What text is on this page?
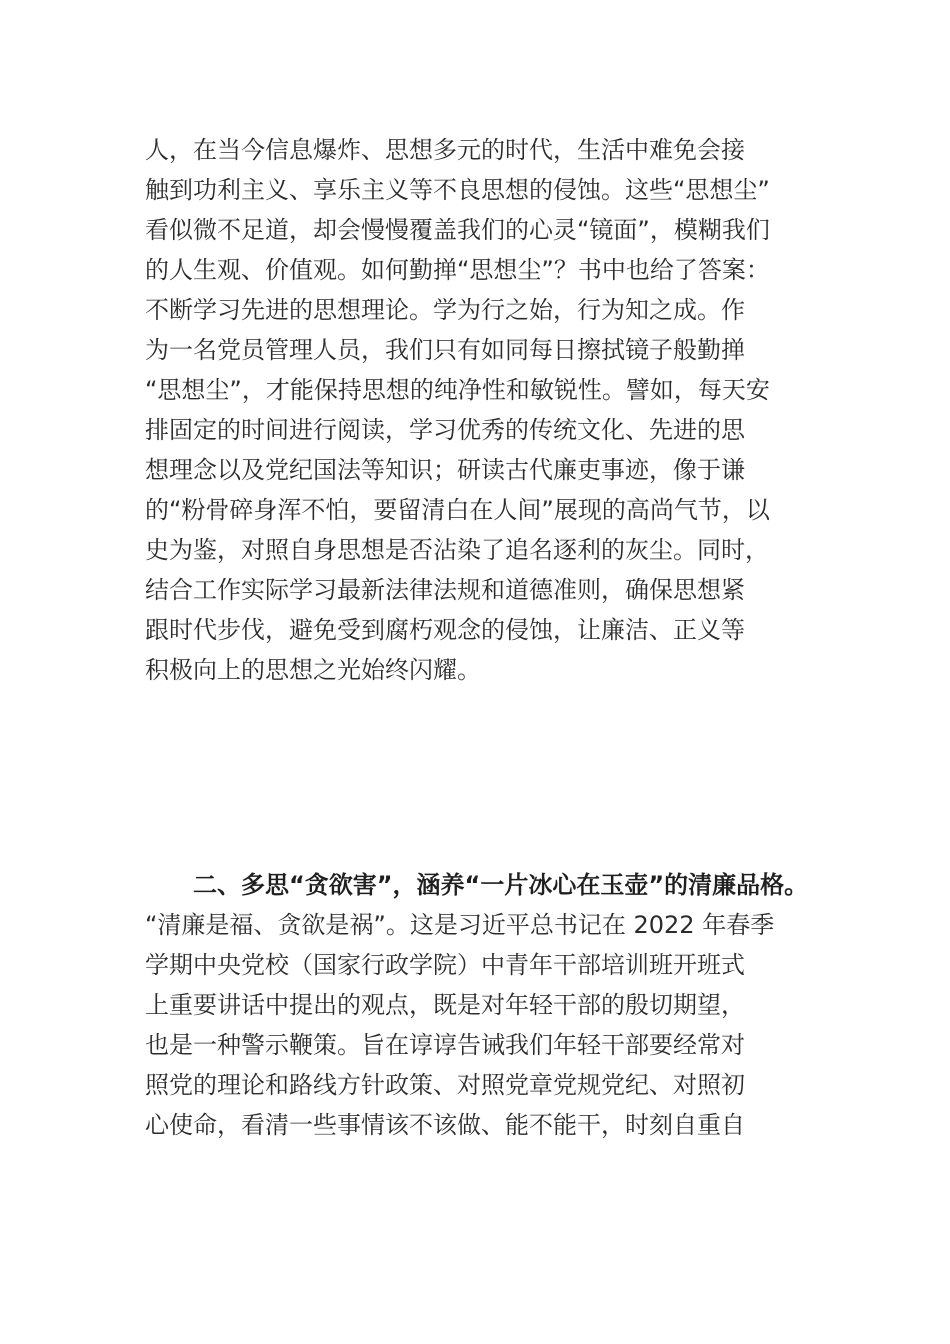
人，在当今信息爆炸、思想多元的时代，生活中难免会接
触到功利主义、享乐主义等不良思想的侵蚀。这些“思想尘”
看似微不足道，却会慢慢覆盖我们的心灵“镜面”，模糊我们
的人生观、价值观。如何勤掸“思想尘”？书中也给了答案：
不断学习先进的思想理论。学为行之始，行为知之成。作
为一名党员管理人员，我们只有如同每日擦拭镜子般勤掸
“思想尘”，才能保持思想的纯净性和敏锐性。譬如，每天安
排固定的时间进行阅读，学习优秀的传统文化、先进的思
想理念以及党纪国法等知识；研读古代廉吏事迹，像于谦
的“粉骨碎身浑不怕，要留清白在人间”展现的高尚气节，以
史为鉴，对照自身思想是否沾染了追名逐利的灰尘。同时，
结合工作实际学习最新法律法规和道德准则，确保思想紧
跟时代步伐，避免受到腐朽观念的侵蚀，让廉洁、正义等
积极向上的思想之光始终闪耀。
二、多思“贪欲害”，涵养“一片冰心在玉壶”的清廉品格。
“清廉是福、贪欲是祸”。这是习近平总书记在 2022 年春季
学期中央党校（国家行政学院）中青年干部培训班开班式
上重要讲话中提出的观点，既是对年轻干部的殷切期望，
也是一种警示鞭策。旨在谆谆告诫我们年轻干部要经常对
照党的理论和路线方针政策、对照党章党规党纪、对照初
心使命，看清一些事情该不该做、能不能干，时刻自重自
